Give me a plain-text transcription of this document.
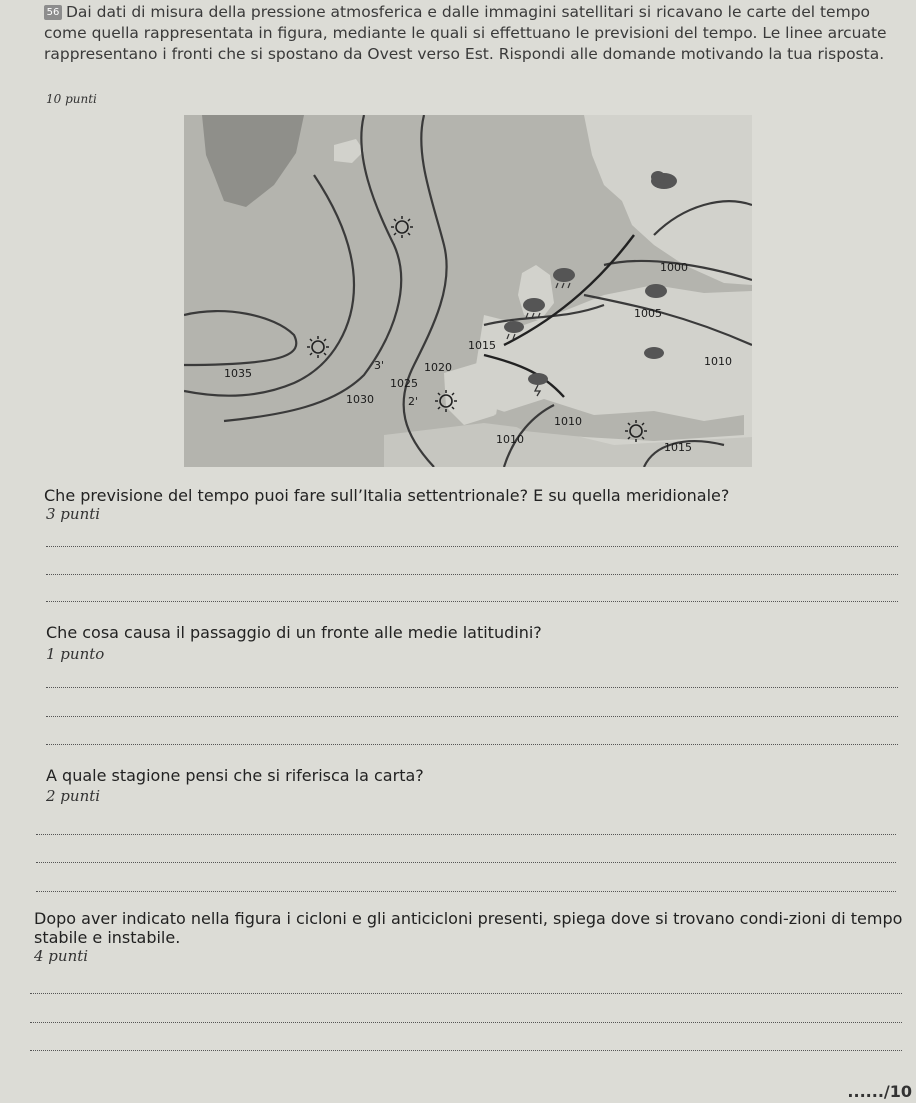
56 Dai dati di misura della pressione atmosferica e dalle immagini satellitari si ricavano le carte del tempo come quella rappresentata in figura, mediante le quali si effettuano le previsioni del tempo. Le linee arcuate rappresentano i fronti che si spostano da Ovest verso Est. Rispondi alle domande motivando la tua risposta.

10 punti

1000
1005
1015
1010
1020
1035
1025
1030
1010
1010
1015
3'
2'

Che previsione del tempo puoi fare sull’Italia settentrionale? E su quella meridionale?

3 punti

Che cosa causa il passaggio di un fronte alle medie latitudini?

1 punto

A quale stagione pensi che si riferisca la carta?

2 punti

Dopo aver indicato nella figura i cicloni e gli anticicloni presenti, spiega dove si trovano condi-zioni di tempo stabile e instabile.

4 punti

....../10
